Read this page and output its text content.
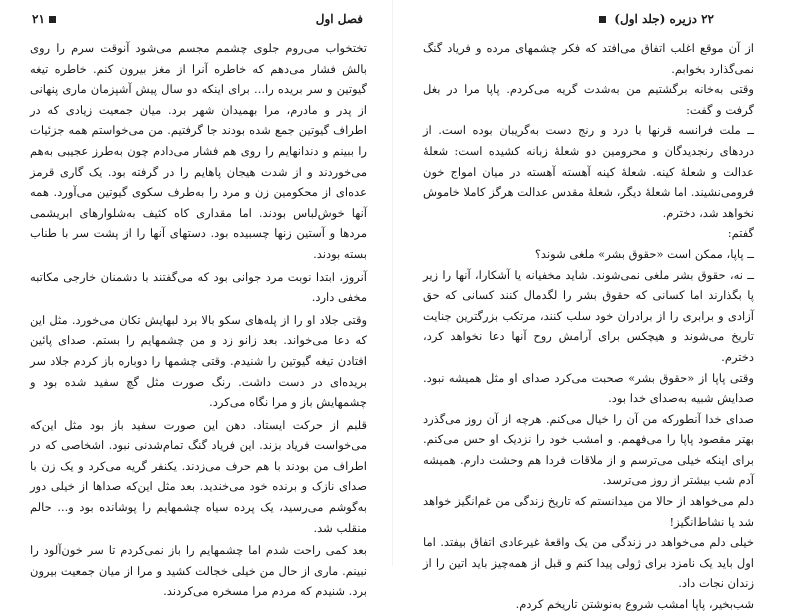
فصل اول
۲۱

تختخواب می‌روم جلوی چشمم مجسم می‌شود آنوقت سرم را روی بالش فشار می‌دهم که خاطره آنرا از مغز بیرون کنم. خاطره تیغه گیوتین و سر بریده را... برای اینکه دو سال پیش آشپزمان ماری پنهانی از پدر و مادرم، مرا بهمیدان شهر برد. میان جمعیت زیادی که در اطراف گیوتین جمع شده بودند جا گرفتیم. من می‌خواستم همه جزئیات را ببینم و دندانهایم را روی هم فشار می‌دادم چون به‌طرز عجیبی به‌هم می‌خوردند و از شدت هیجان پاهایم را در گرفته بود. یک گاری قرمز عده‌ای از محکومین زن و مرد را به‌طرف سکوی گیوتین می‌آورد. همه آنها خوش‌لباس بودند. اما مقداری کاه کثیف به‌شلوارهای ابریشمی مردها و آستین زنها چسبیده بود. دستهای آنها را از پشت سر با طناب بسته بودند.

آنروز، ابتدا نوبت مرد جوانی بود که می‌گفتند با دشمنان خارجی مکاتبه مخفی دارد.

وقتی جلاد او را از پله‌های سکو بالا برد لبهایش تکان می‌خورد. مثل این که دعا می‌خواند. بعد زانو زد و من چشمهایم را بستم. صدای پائین افتادن تیغه گیوتین را شنیدم. وقتی چشمها را دوباره باز کردم جلاد سر بریده‌ای در دست داشت. رنگ صورت مثل گچ سفید شده بود و چشمهایش باز و مرا نگاه می‌کرد.

قلبم از حرکت ایستاد. دهن این صورت سفید باز بود مثل این‌که می‌خواست فریاد بزند. این فریاد گنگ تمام‌شدنی نبود. اشخاصی که در اطراف من بودند با هم حرف می‌زدند. یکنفر گریه می‌کرد و یک زن با صدای نازک و برنده خود می‌خندید. بعد مثل این‌که صداها از خیلی دور به‌گوشم می‌رسید، یک پرده سیاه چشمهایم را پوشانده بود و... حالم منقلب شد.

بعد کمی راحت شدم اما چشمهایم را باز نمی‌کردم تا سر خون‌آلود را نبینم. ماری از حال من خیلی خجالت کشید و مرا از میان جمعیت بیرون برد. شنیدم که مردم مرا مسخره می‌کردند.

۲۲ دزیره (جلد اول)

از آن موقع اغلب اتفاق می‌افتد که فکر چشمهای مرده و فریاد گنگ نمی‌گذارد بخوابم.

وقتی به‌خانه برگشتیم من به‌شدت گریه می‌کردم. پاپا مرا در بغل گرفت و گفت:

ــ ملت فرانسه قرنها با درد و رنج دست به‌گریبان بوده است. از دردهای رنجدیدگان و محرومین دو شعلهٔ زبانه کشیده است: شعلهٔ عدالت و شعلهٔ کینه. شعلهٔ کینه آهسته آهسته در میان امواج خون فرومی‌نشیند. اما شعلهٔ دیگر، شعلهٔ مقدس عدالت هرگز کاملا خاموش نخواهد شد، دخترم.

گفتم:

ــ پاپا، ممکن است «حقوق بشر» ملغی شوند؟

ــ نه، حقوق بشر ملغی نمی‌شوند. شاید مخفیانه یا آشکارا، آنها را زیر پا بگذارند اما کسانی که حقوق بشر را لگدمال کنند کسانی که حق آزادی و برابری را از برادران خود سلب کنند، مرتکب بزرگترین جنایت تاریخ می‌شوند و هیچکس برای آرامش روح آنها دعا نخواهد کرد، دخترم.

وقتی پاپا از «حقوق بشر» صحبت می‌کرد صدای او مثل همیشه نبود. صدایش شبیه به‌صدای خدا بود.

صدای خدا آنطورکه من آن را خیال می‌کنم. هرچه از آن روز می‌گذرد بهتر مقصود پاپا را می‌فهمم. و امشب خود را نزدیک او حس می‌کنم. برای اینکه خیلی می‌ترسم و از ملاقات فردا هم وحشت دارم. همیشه آدم شب بیشتر از روز می‌ترسد.

دلم می‌خواهد از حالا من میدانستم که تاریخ زندگی من غم‌انگیز خواهد شد یا نشاط‌انگیز!

خیلی دلم می‌خواهد در زندگی من یک واقعهٔ غیرعادی اتفاق بیفتد. اما اول باید یک نامزد برای ژولی پیدا کنم و قبل از همه‌چیز باید اتین را از زندان نجات داد.

شب‌بخیر، پاپا امشب شروع به‌نوشتن تاریخم کردم.
